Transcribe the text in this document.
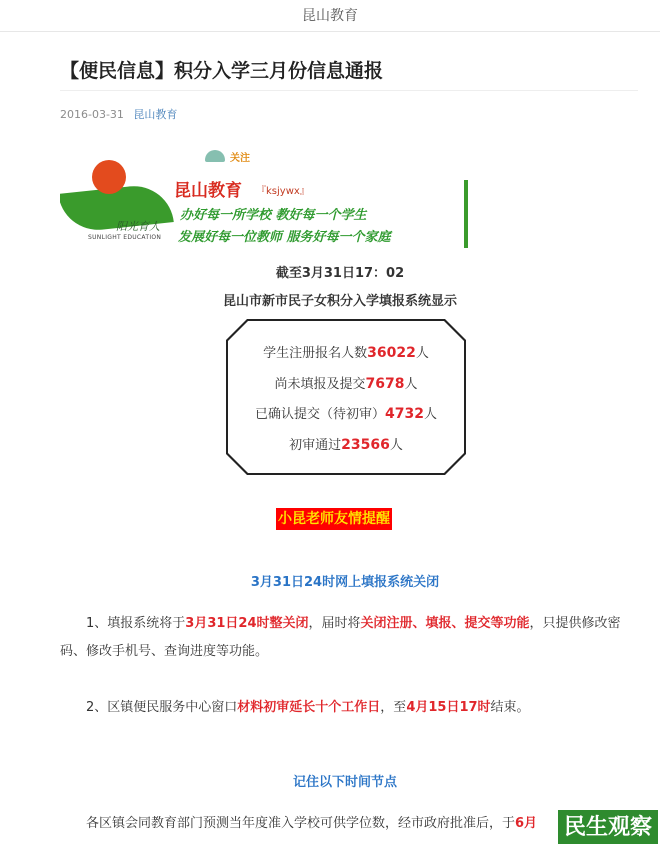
昆山教育
【便民信息】积分入学三月份信息通报
2016-03-31 昆山教育
阳光育人
SUNLIGHT EDUCATION
关注
昆山教育 『ksjywx』
办好每一所学校 教好每一个学生
发展好每一位教师 服务好每一个家庭
截至3月31日17：02
昆山市新市民子女积分入学填报系统显示
学生注册报名人数36022人
尚未填报及提交7678人
已确认提交（待初审）4732人
初审通过23566人
小昆老师友情提醒
3月31日24时网上填报系统关闭

1、填报系统将于3月31日24时整关闭，届时将关闭注册、填报、提交等功能，只提供修改密码、修改手机号、查询进度等功能。

2、区镇便民服务中心窗口材料初审延长十个工作日，至4月15日17时结束。

记住以下时间节点

各区镇会同教育部门预测当年度准入学校可供学位数，经市政府批准后，于6月	民生观察
